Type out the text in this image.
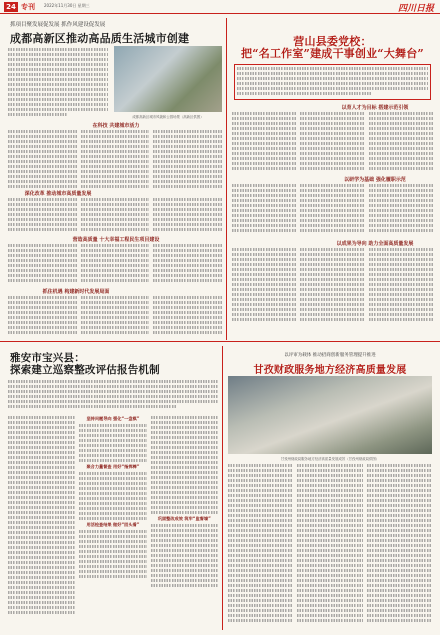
24 专刊 2022年11月30日 星期三	四川日报
抓项目聚发展促发展 抓作风建设促发展
成都高新区推动高品质生活城市创建
成都高新区城市风貌和公园场景（高新区供图）
在科技 共建城市活力
深化改革 推动城市高质量发展
营造高质量 十大幸福工程民生项目建设
抓住机遇 构建新时代发展局面
营山县委党校：
把“名工作室”建成干事创业“大舞台”
以育人才为目标 搭建示范引领
以研学为基础 强化履职示范
以成果为导向 助力全面高质量发展
雅安市宝兴县：
探索建立巡察整改评估报告机制
坚持问题导向 强化“一盘棋”
聚合力量督查 用好“指挥棒”
用活检查结果 做好“回头看”
巩固整改成效 筑牢“监督墙”
以评审为载体 推动招商创新服务管理提升推进
甘孜财政服务地方经济高质量发展
甘孜州财政局服务地方经济高质量发展成效（甘孜州财政局供图）
